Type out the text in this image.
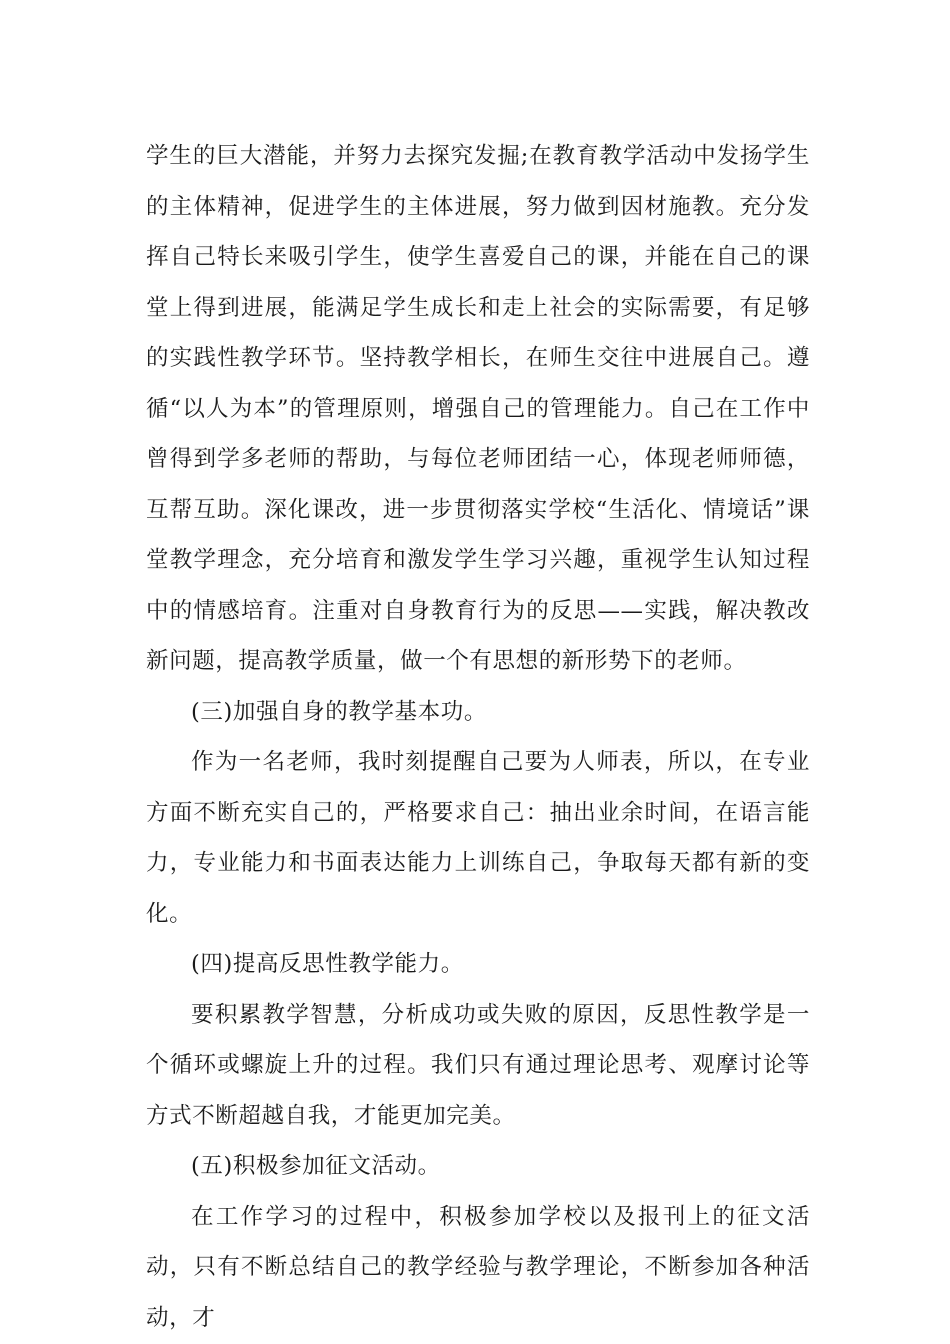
学生的巨大潜能，并努力去探究发掘;在教育教学活动中发扬学生的主体精神，促进学生的主体进展，努力做到因材施教。充分发挥自己特长来吸引学生，使学生喜爱自己的课，并能在自己的课堂上得到进展，能满足学生成长和走上社会的实际需要，有足够的实践性教学环节。坚持教学相长，在师生交往中进展自己。遵循“以人为本”的管理原则，增强自己的管理能力。自己在工作中曾得到学多老师的帮助，与每位老师团结一心，体现老师师德，互帮互助。深化课改，进一步贯彻落实学校“生活化、情境话”课堂教学理念，充分培育和激发学生学习兴趣，重视学生认知过程中的情感培育。注重对自身教育行为的反思——实践，解决教改新问题，提高教学质量，做一个有思想的新形势下的老师。

(三)加强自身的教学基本功。

作为一名老师，我时刻提醒自己要为人师表，所以，在专业方面不断充实自己的，严格要求自己：抽出业余时间，在语言能力，专业能力和书面表达能力上训练自己，争取每天都有新的变化。

(四)提高反思性教学能力。

要积累教学智慧，分析成功或失败的原因，反思性教学是一个循环或螺旋上升的过程。我们只有通过理论思考、观摩讨论等方式不断超越自我，才能更加完美。

(五)积极参加征文活动。

在工作学习的过程中，积极参加学校以及报刊上的征文活动，只有不断总结自己的教学经验与教学理论，不断参加各种活动，才
